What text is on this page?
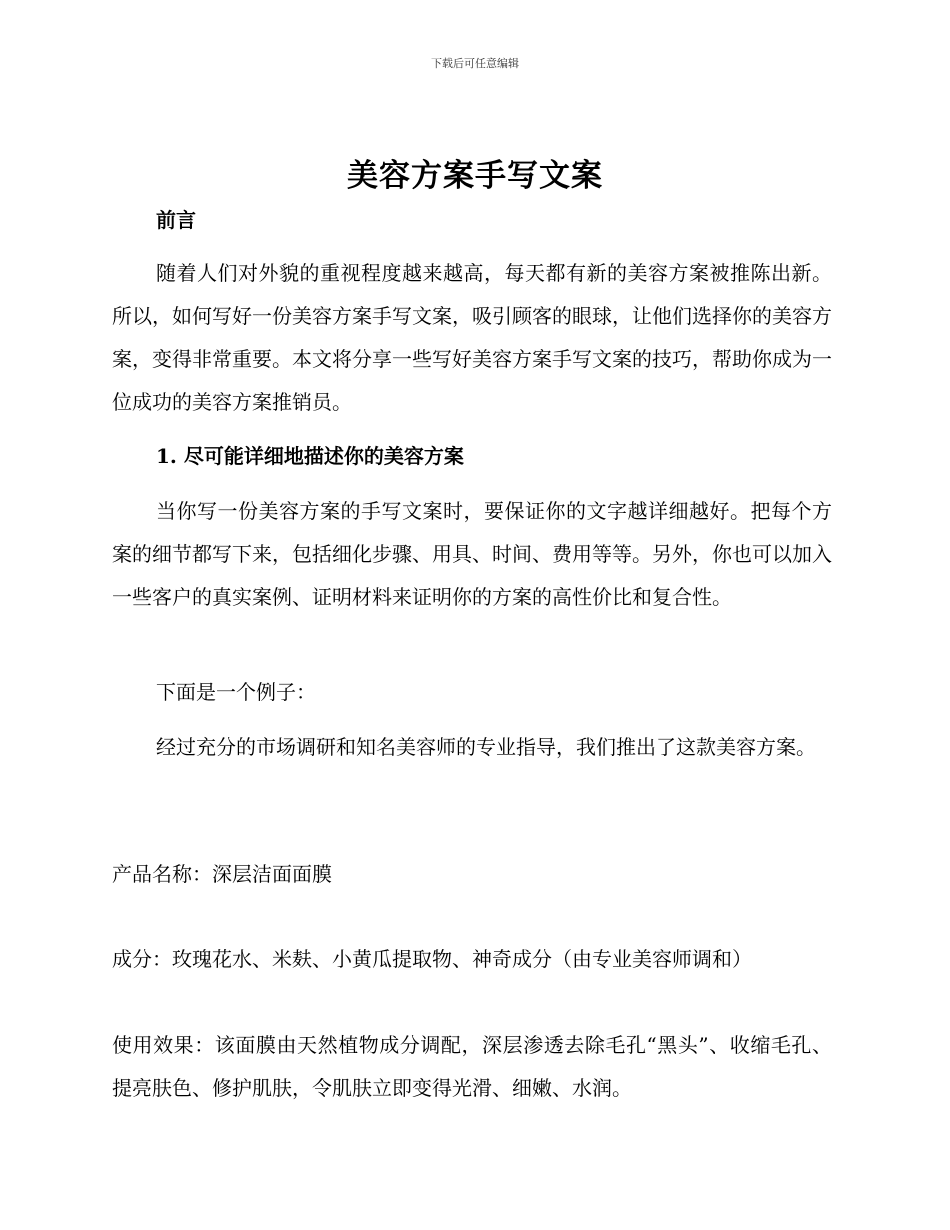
下载后可任意编辑
美容方案手写文案
前言
随着人们对外貌的重视程度越来越高，每天都有新的美容方案被推陈出新。所以，如何写好一份美容方案手写文案，吸引顾客的眼球，让他们选择你的美容方案，变得非常重要。本文将分享一些写好美容方案手写文案的技巧，帮助你成为一位成功的美容方案推销员。
1. 尽可能详细地描述你的美容方案
当你写一份美容方案的手写文案时，要保证你的文字越详细越好。把每个方案的细节都写下来，包括细化步骤、用具、时间、费用等等。另外，你也可以加入一些客户的真实案例、证明材料来证明你的方案的高性价比和复合性。
下面是一个例子：
经过充分的市场调研和知名美容师的专业指导，我们推出了这款美容方案。
产品名称：深层洁面面膜
成分：玫瑰花水、米麸、小黄瓜提取物、神奇成分（由专业美容师调和）
使用效果：该面膜由天然植物成分调配，深层渗透去除毛孔“黑头”、收缩毛孔、提亮肤色、修护肌肤，令肌肤立即变得光滑、细嫩、水润。
